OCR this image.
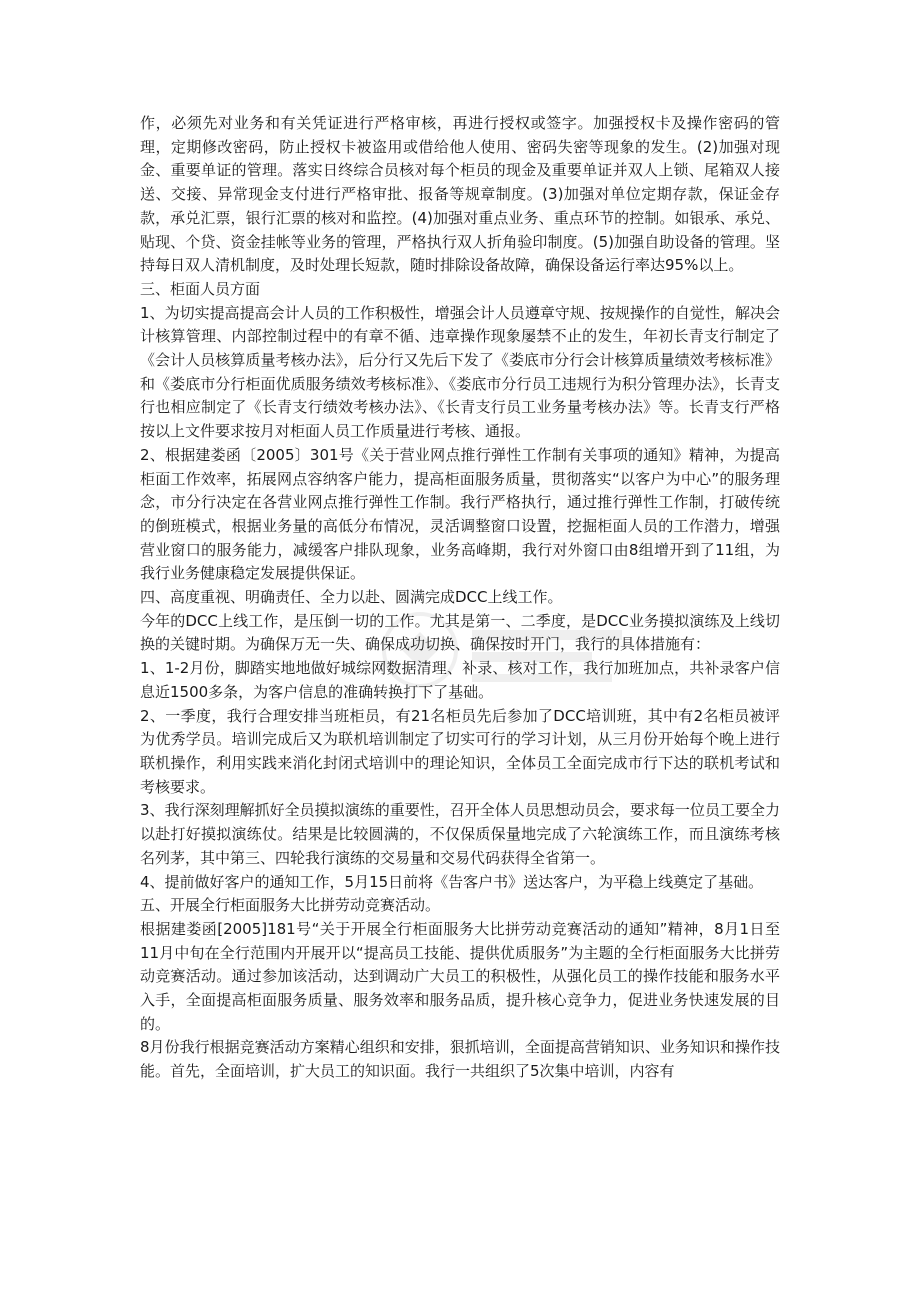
作，必须先对业务和有关凭证进行严格审核，再进行授权或签字。加强授权卡及操作密码的管理，定期修改密码，防止授权卡被盗用或借给他人使用、密码失密等现象的发生。(2)加强对现金、重要单证的管理。落实日终综合员核对每个柜员的现金及重要单证并双人上锁、尾箱双人接送、交接、异常现金支付进行严格审批、报备等规章制度。(3)加强对单位定期存款，保证金存款，承兑汇票，银行汇票的核对和监控。(4)加强对重点业务、重点环节的控制。如银承、承兑、贴现、个贷、资金挂帐等业务的管理，严格执行双人折角验印制度。(5)加强自助设备的管理。坚持每日双人清机制度，及时处理长短款，随时排除设备故障，确保设备运行率达95%以上。

三、柜面人员方面

1、为切实提高提高会计人员的工作积极性，增强会计人员遵章守规、按规操作的自觉性，解决会计核算管理、内部控制过程中的有章不循、违章操作现象屡禁不止的发生，年初长青支行制定了《会计人员核算质量考核办法》，后分行又先后下发了《娄底市分行会计核算质量绩效考核标准》和《娄底市分行柜面优质服务绩效考核标准》、《娄底市分行员工违规行为积分管理办法》，长青支行也相应制定了《长青支行绩效考核办法》、《长青支行员工业务量考核办法》等。长青支行严格按以上文件要求按月对柜面人员工作质量进行考核、通报。

2、根据建娄函〔2005〕301号《关于营业网点推行弹性工作制有关事项的通知》精神，为提高柜面工作效率，拓展网点容纳客户能力，提高柜面服务质量，贯彻落实“以客户为中心”的服务理念，市分行决定在各营业网点推行弹性工作制。我行严格执行，通过推行弹性工作制，打破传统的倒班模式，根据业务量的高低分布情况，灵活调整窗口设置，挖掘柜面人员的工作潜力，增强营业窗口的服务能力，减缓客户排队现象，业务高峰期，我行对外窗口由8组增开到了11组，为我行业务健康稳定发展提供保证。

四、高度重视、明确责任、全力以赴、圆满完成DCC上线工作。

今年的DCC上线工作，是压倒一切的工作。尤其是第一、二季度，是DCC业务摸拟演练及上线切换的关键时期。为确保万无一失、确保成功切换、确保按时开门，我行的具体措施有：

1、1-2月份，脚踏实地地做好城综网数据清理、补录、核对工作，我行加班加点，共补录客户信息近1500多条，为客户信息的准确转换打下了基础。

2、一季度，我行合理安排当班柜员，有21名柜员先后参加了DCC培训班，其中有2名柜员被评为优秀学员。培训完成后又为联机培训制定了切实可行的学习计划，从三月份开始每个晚上进行联机操作，利用实践来消化封闭式培训中的理论知识，全体员工全面完成市行下达的联机考试和考核要求。

3、我行深刻理解抓好全员摸拟演练的重要性，召开全体人员思想动员会，要求每一位员工要全力以赴打好摸拟演练仗。结果是比较圆满的，不仅保质保量地完成了六轮演练工作，而且演练考核名列茅，其中第三、四轮我行演练的交易量和交易代码获得全省第一。

4、提前做好客户的通知工作，5月15日前将《告客户书》送达客户，为平稳上线奠定了基础。

五、开展全行柜面服务大比拼劳动竞赛活动。

根据建娄函[2005]181号“关于开展全行柜面服务大比拼劳动竞赛活动的通知”精神，8月1日至11月中旬在全行范围内开展开以“提高员工技能、提供优质服务”为主题的全行柜面服务大比拼劳动竞赛活动。通过参加该活动，达到调动广大员工的积极性，从强化员工的操作技能和服务水平入手，全面提高柜面服务质量、服务效率和服务品质，提升核心竞争力，促进业务快速发展的目的。

8月份我行根据竞赛活动方案精心组织和安排，狠抓培训，全面提高营销知识、业务知识和操作技能。首先，全面培训，扩大员工的知识面。我行一共组织了5次集中培训，内容有
